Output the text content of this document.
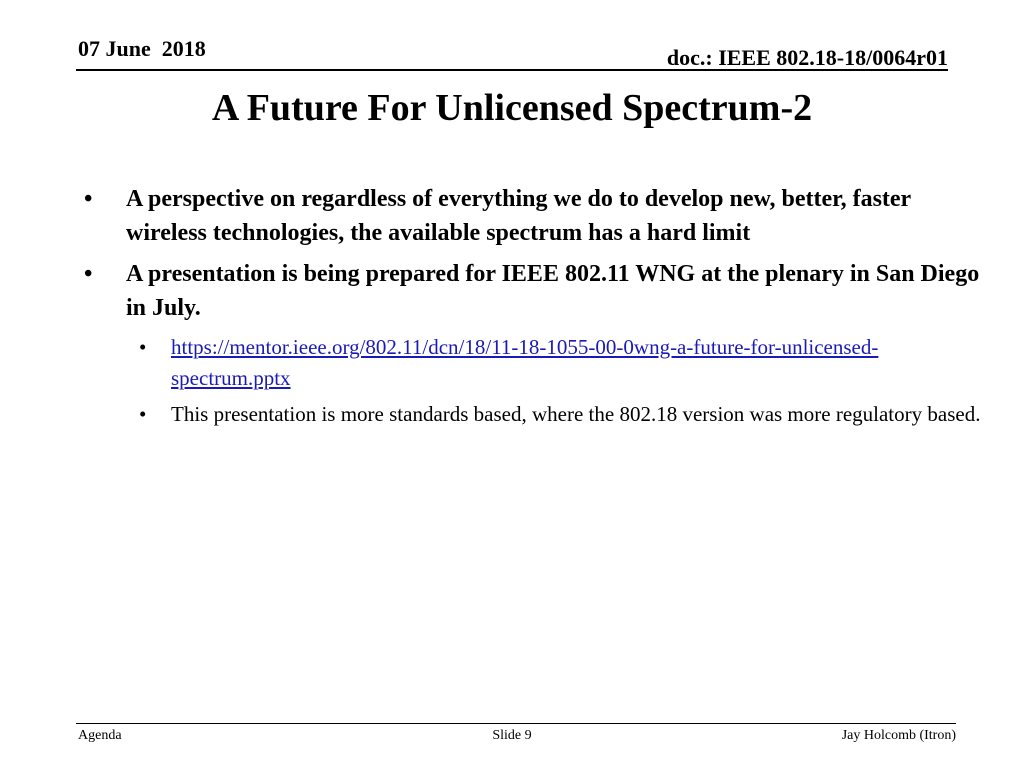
07 June  2018	doc.: IEEE 802.18-18/0064r01
A Future For Unlicensed Spectrum-2
• A perspective on regardless of everything we do to develop new, better, faster wireless technologies, the available spectrum has a hard limit
• A presentation is being prepared for IEEE 802.11 WNG at the plenary in San Diego in July.
• https://mentor.ieee.org/802.11/dcn/18/11-18-1055-00-0wng-a-future-for-unlicensed-spectrum.pptx
• This presentation is more standards based, where the 802.18 version was more regulatory based.
Agenda	Slide 9	Jay Holcomb (Itron)
